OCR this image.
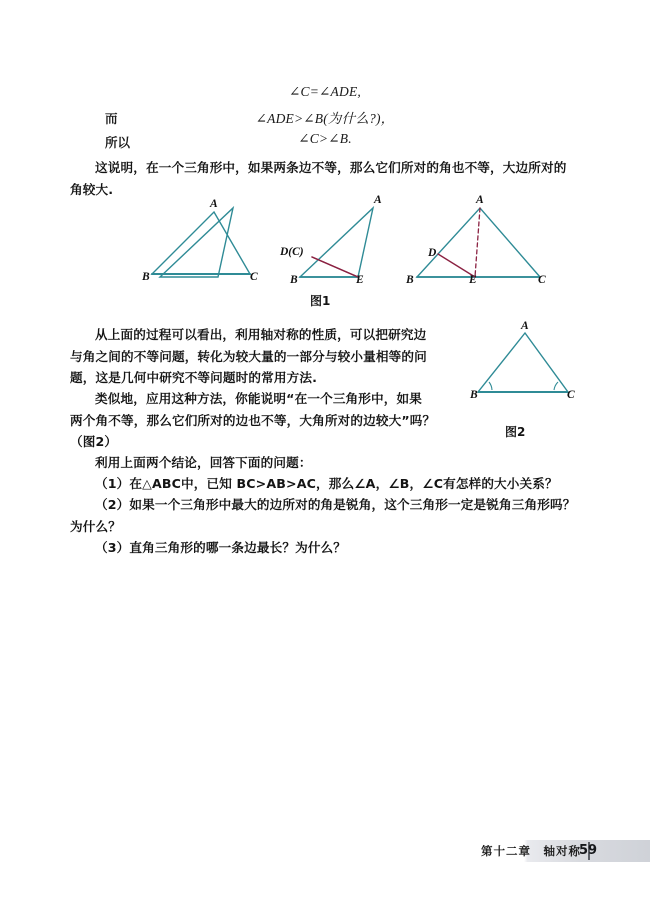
∠C=∠ADE,
而	∠ADE>∠B(为什么?)，
所以	∠C>∠B.
这说明，在一个三角形中，如果两条边不等，那么它们所对的角也不等，大边所对的
角较大.
A
B	C
A
D(C)
B	E
A
D
B	E	C
图1
从上面的过程可以看出，利用轴对称的性质，可以把研究边
与角之间的不等问题，转化为较大量的一部分与较小量相等的问
题，这是几何中研究不等问题时的常用方法.
类似地，应用这种方法，你能说明“在一个三角形中，如果
两个角不等，那么它们所对的边也不等，大角所对的边较大”吗？
（图2）
A
B	C
图2
利用上面两个结论，回答下面的问题：
（1）在△ABC中，已知 BC>AB>AC，那么∠A，∠B，∠C有怎样的大小关系？
（2）如果一个三角形中最大的边所对的角是锐角，这个三角形一定是锐角三角形吗？
为什么？
（3）直角三角形的哪一条边最长？为什么？
第十二章　轴对称
59
